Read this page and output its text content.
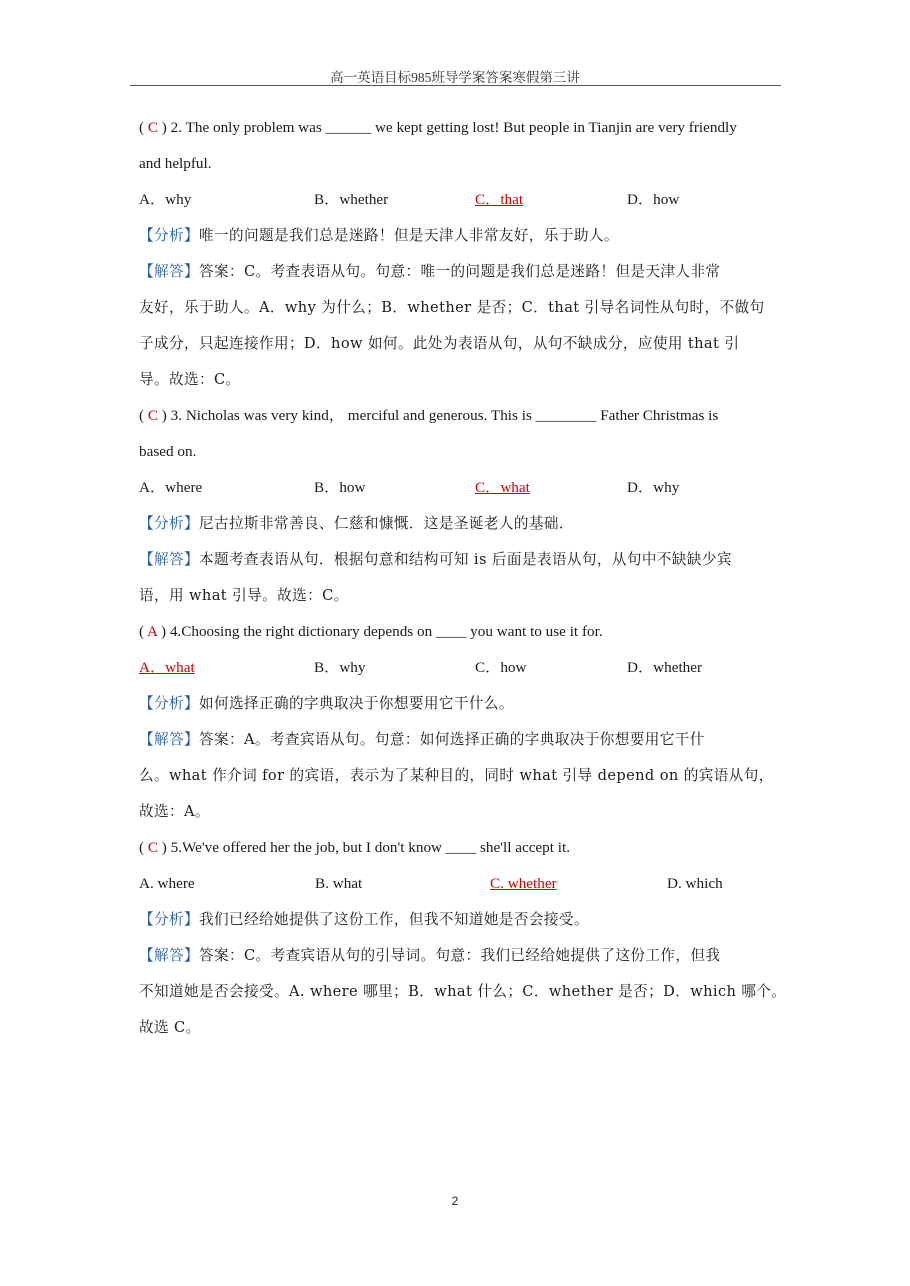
高一英语目标985班导学案答案寒假第三讲
( C ) 2. The only problem was ______ we kept getting lost! But people in Tianjin are very friendly
and helpful.
A．why	B．whether	C．that	D．how
【分析】唯一的问题是我们总是迷路！但是天津人非常友好，乐于助人。
【解答】答案：C。考查表语从句。句意：唯一的问题是我们总是迷路！但是天津人非常
友好，乐于助人。A．why 为什么；B．whether 是否；C．that 引导名词性从句时，不做句
子成分，只起连接作用；D．how 如何。此处为表语从句，从句不缺成分，应使用 that 引
导。故选：C。
( C ) 3. Nicholas was very kind， merciful and generous. This is ________ Father Christmas is
based on.
A．where	B．how	C．what	D．why
【分析】尼古拉斯非常善良、仁慈和慷慨．这是圣诞老人的基础．
【解答】本题考查表语从句．根据句意和结构可知 is 后面是表语从句，从句中不缺缺少宾
语，用 what 引导。故选：C。
( A ) 4.Choosing the right dictionary depends on ____ you want to use it for.
A．what	B．why	C．how	D．whether
【分析】如何选择正确的字典取决于你想要用它干什么。
【解答】答案：A。考查宾语从句。句意：如何选择正确的字典取决于你想要用它干什
么。what 作介词 for 的宾语，表示为了某种目的，同时 what 引导 depend on 的宾语从句，
故选：A。
( C ) 5.We've offered her the job, but I don't know ____ she'll accept it.
A. where	B. what	C. whether	D. which
【分析】我们已经给她提供了这份工作，但我不知道她是否会接受。
【解答】答案：C。考查宾语从句的引导词。句意：我们已经给她提供了这份工作，但我
不知道她是否会接受。A. where 哪里；B．what 什么；C．whether 是否；D．which 哪个。
故选 C。
2
